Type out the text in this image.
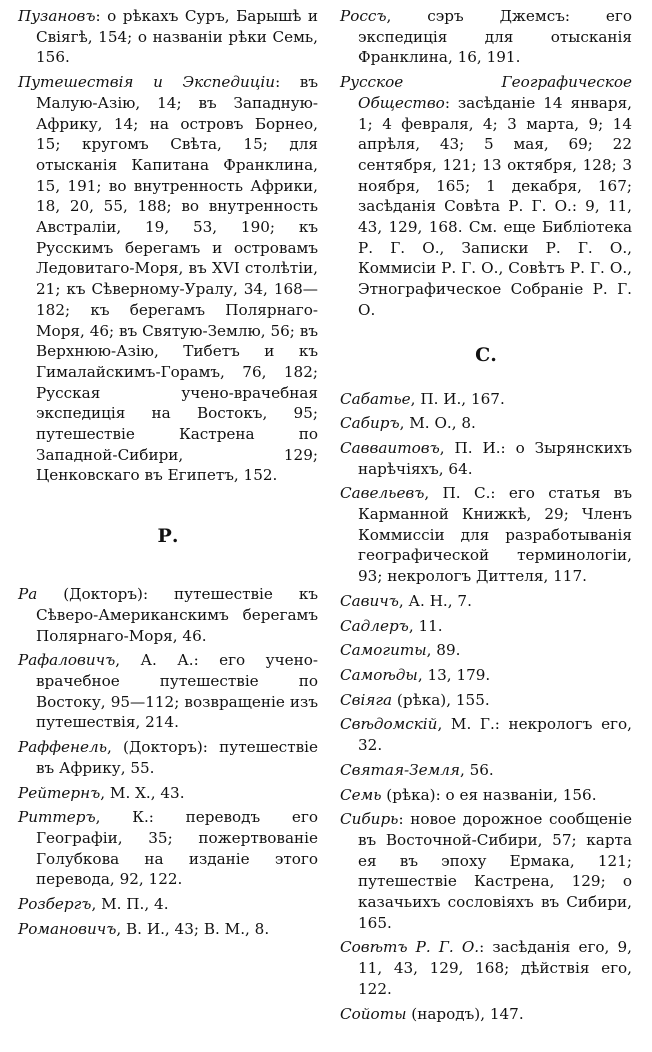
Пузановъ: о рѣкахъ Суръ, Барышѣ и Свіягѣ, 154; о названіи рѣки Семь, 156.
Путешествія и Экспедиціи: въ Малую-Азію, 14; въ Западную-Африку, 14; на островъ Борнео, 15; кругомъ Свѣта, 15; для отысканія Капитана Франклина, 15, 191; во внутренность Африки, 18, 20, 55, 188; во внутренность Австраліи, 19, 53, 190; къ Русскимъ берегамъ и островамъ Ледовитаго-Моря, въ XVI столѣтіи, 21; къ Сѣверному-Уралу, 34, 168—182; къ берегамъ Полярнаго-Моря, 46; въ Святую-Землю, 56; въ Верхнюю-Азію, Тибетъ и къ Гималайскимъ-Горамъ, 76, 182; Русская учено-врачебная экспедиція на Востокъ, 95; путешествіе Кастрена по Западной-Сибири, 129; Ценковскаго въ Египетъ, 152.
Р.
Ра (Докторъ): путешествіе къ Сѣверо-Американскимъ берегамъ Полярнаго-Моря, 46.
Рафаловичъ, А. А.: его учено-врачебное путешествіе по Востоку, 95—112; возвращеніе изъ путешествія, 214.
Раффенель, (Докторъ): путешествіе въ Африку, 55.
Рейтернъ, М. Х., 43.
Риттеръ, К.: переводъ его Географіи, 35; пожертвованіе Голубкова на изданіе этого перевода, 92, 122.
Розбергъ, М. П., 4.
Романовичъ, В. И., 43; В. М., 8.
Россъ, сэръ Джемсъ: его экспедиція для отысканія Франклина, 16, 191.
Русское Географическое Общество: засѣданіе 14 января, 1; 4 февраля, 4; 3 марта, 9; 14 апрѣля, 43; 5 мая, 69; 22 сентября, 121; 13 октября, 128; 3 ноября, 165; 1 декабря, 167; засѣданія Совѣта Р. Г. О.: 9, 11, 43, 129, 168. См. еще Библіотека Р. Г. О., Записки Р. Г. О., Коммисіи Р. Г. О., Совѣтъ Р. Г. О., Этнографическое Собраніе Р. Г. О.
С.
Сабатье, П. И., 167.
Сабиръ, М. О., 8.
Савваитовъ, П. И.: о Зырянскихъ нарѣчіяхъ, 64.
Савельевъ, П. С.: его статья въ Карманной Книжкѣ, 29; Членъ Коммиссіи для разработыванія географической терминологіи, 93; некрологъ Диттеля, 117.
Савичъ, А. Н., 7.
Садлеръ, 11.
Самогиты, 89.
Самоѣды, 13, 179.
Свіяга (рѣка), 155.
Свѣдомскій, М. Г.: некрологъ его, 32.
Святая-Земля, 56.
Семь (рѣка): о ея названіи, 156.
Сибирь: новое дорожное сообщеніе въ Восточной-Сибири, 57; карта ея въ эпоху Ермака, 121; путешествіе Кастрена, 129; о казачьихъ сословіяхъ въ Сибири, 165.
Совѣтъ Р. Г. О.: засѣданія его, 9, 11, 43, 129, 168; дѣйствія его, 122.
Сойоты (народъ), 147.
